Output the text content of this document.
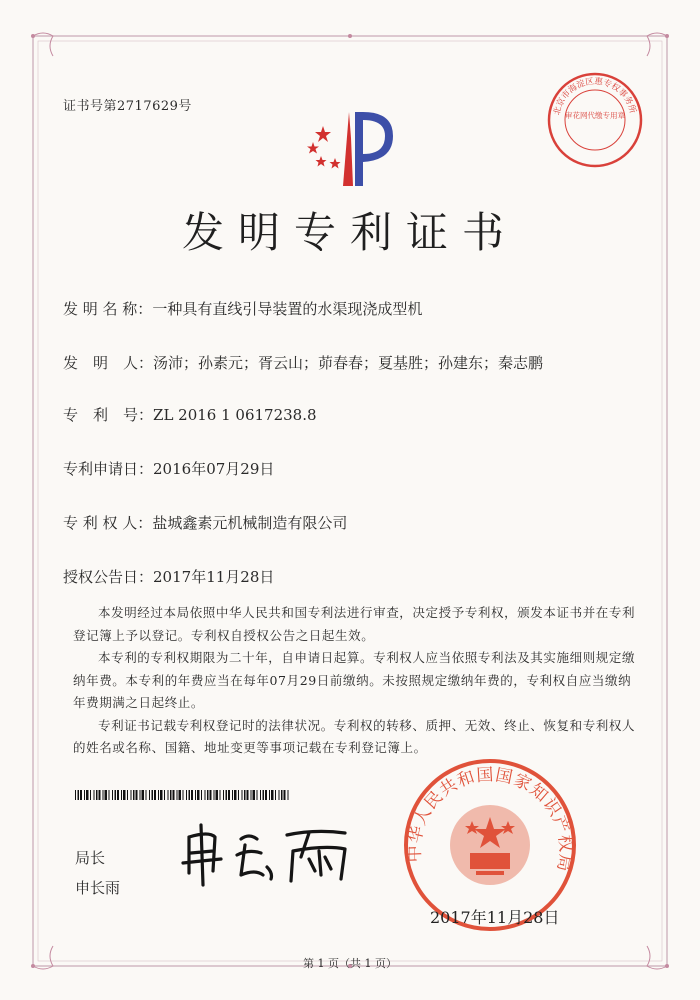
证书号第2717629号	北京市海淀区惠专权事务所
审花网代缴专用章
发明专利证书
发 明 名 称：一种具有直线引导装置的水渠现浇成型机
发　明　人：汤沛；孙素元；胥云山；茆春春；夏基胜；孙建东；秦志鹏
专　利　号：ZL 2016 1 0617238.8
专利申请日：2016年07月29日
专 利 权 人：盐城鑫素元机械制造有限公司
授权公告日：2017年11月28日

本发明经过本局依照中华人民共和国专利法进行审查，决定授予专利权，颁发本证书并在专利登记簿上予以登记。专利权自授权公告之日起生效。

本专利的专利权期限为二十年，自申请日起算。专利权人应当依照专利法及其实施细则规定缴纳年费。本专利的年费应当在每年07月29日前缴纳。未按照规定缴纳年费的，专利权自应当缴纳年费期满之日起终止。

专利证书记载专利权登记时的法律状况。专利权的转移、质押、无效、终止、恢复和专利权人的姓名或名称、国籍、地址变更等事项记载在专利登记簿上。

局长
申长雨
中华人民共和国国家知识产权局
2017年11月28日
第 1 页（共 1 页）
